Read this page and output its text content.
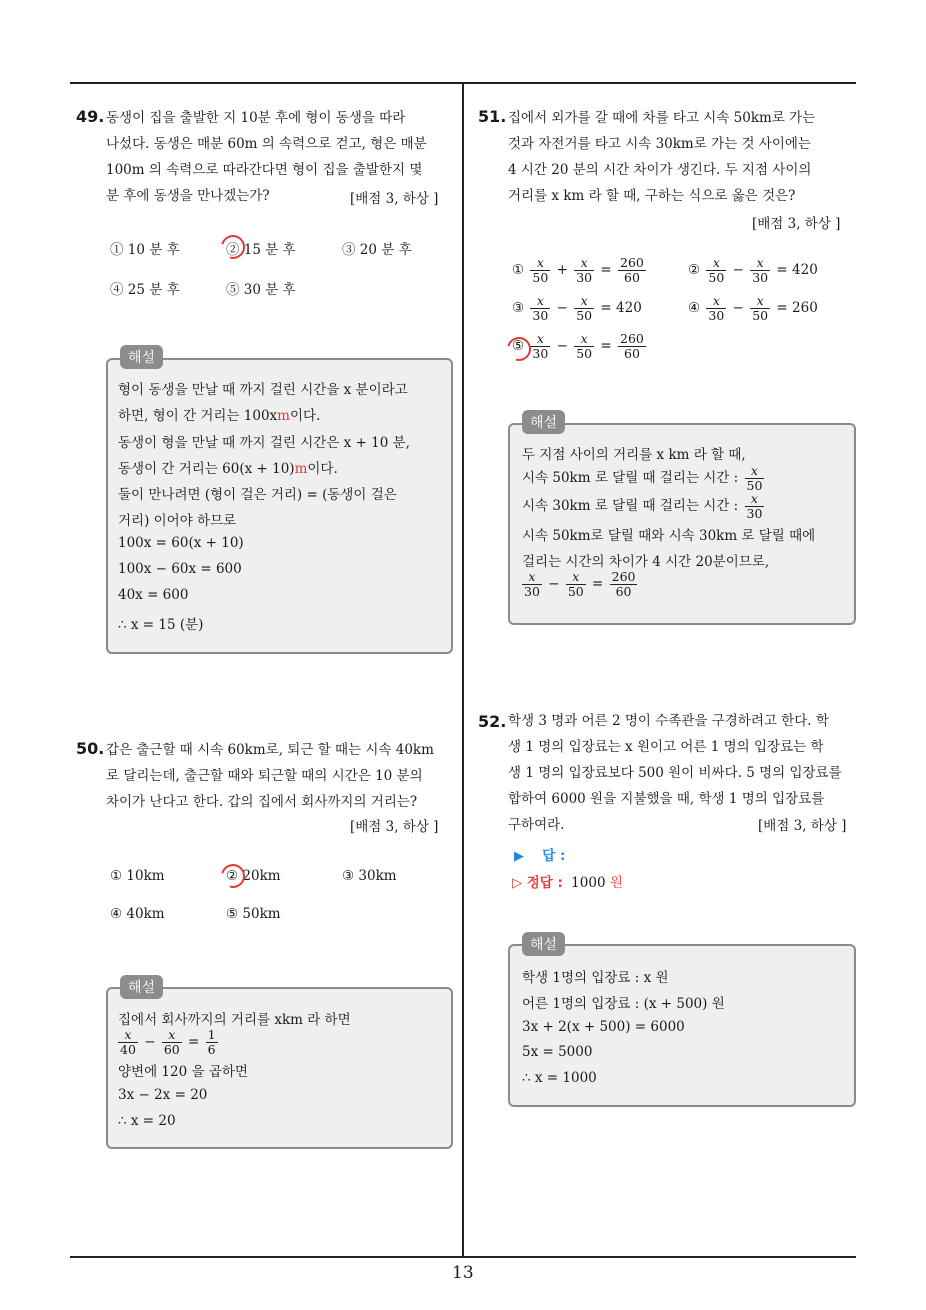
13
49. 동생이 집을 출발한 지 10분 후에 형이 동생을 따라
나섰다. 동생은 매분 60m 의 속력으로 걷고, 형은 매분
100m 의 속력으로 따라간다면 형이 집을 출발한지 몇
분 후에 동생을 만나겠는가?	[배점 3, 하상 ]
① 10 분 후	② 15 분 후	③ 20 분 후
④ 25 분 후	⑤ 30 분 후
해설
형이 동생을 만날 때 까지 걸린 시간을 x 분이라고
하면, 형이 간 거리는 100xm이다.
동생이 형을 만날 때 까지 걸린 시간은 x + 10 분,
동생이 간 거리는 60(x + 10)m이다.
둘이 만나려면 (형이 걸은 거리) = (동생이 걸은
거리) 이어야 하므로
100x = 60(x + 10)
100x − 60x = 600
40x = 600
∴ x = 15 (분)
50. 갑은 출근할 때 시속 60km로, 퇴근 할 때는 시속 40km
로 달리는데, 출근할 때와 퇴근할 때의 시간은 10 분의
차이가 난다고 한다. 갑의 집에서 회사까지의 거리는?
[배점 3, 하상 ]
① 10km	② 20km	③ 30km
④ 40km	⑤ 50km
해설
집에서 회사까지의 거리를 xkm 라 하면
$\frac{x}{40} - \frac{x}{60} = \frac{1}{6}$
양변에 120 을 곱하면
3x − 2x = 20
∴ x = 20
51. 집에서 외가를 갈 때에 차를 타고 시속 50km로 가는
것과 자전거를 타고 시속 30km로 가는 것 사이에는
4 시간 20 분의 시간 차이가 생긴다. 두 지점 사이의
거리를 x km 라 할 때, 구하는 식으로 옳은 것은?
[배점 3, 하상 ]
① $\frac{x}{50} + \frac{x}{30} = \frac{260}{60}$	② $\frac{x}{50} - \frac{x}{30} = 420$
③ $\frac{x}{30} - \frac{x}{50} = 420$	④ $\frac{x}{30} - \frac{x}{50} = 260$
⑤ $\frac{x}{30} - \frac{x}{50} = \frac{260}{60}$
해설
두 지점 사이의 거리를 x km 라 할 때,
시속 50km 로 달릴 때 걸리는 시간 : $\frac{x}{50}$
시속 30km 로 달릴 때 걸리는 시간 : $\frac{x}{30}$
시속 50km로 달릴 때와 시속 30km 로 달릴 때에
걸리는 시간의 차이가 4 시간 20분이므로,
$\frac{x}{30} - \frac{x}{50} = \frac{260}{60}$
52. 학생 3 명과 어른 2 명이 수족관을 구경하려고 한다. 학
생 1 명의 입장료는 x 원이고 어른 1 명의 입장료는 학
생 1 명의 입장료보다 500 원이 비싸다. 5 명의 입장료를
합하여 6000 원을 지불했을 때, 학생 1 명의 입장료를
구하여라.	[배점 3, 하상 ]
▶ 답 :
▷ 정답 : 1000 원
해설
학생 1명의 입장료 : x 원
어른 1명의 입장료 : (x + 500) 원
3x + 2(x + 500) = 6000
5x = 5000
∴ x = 1000
